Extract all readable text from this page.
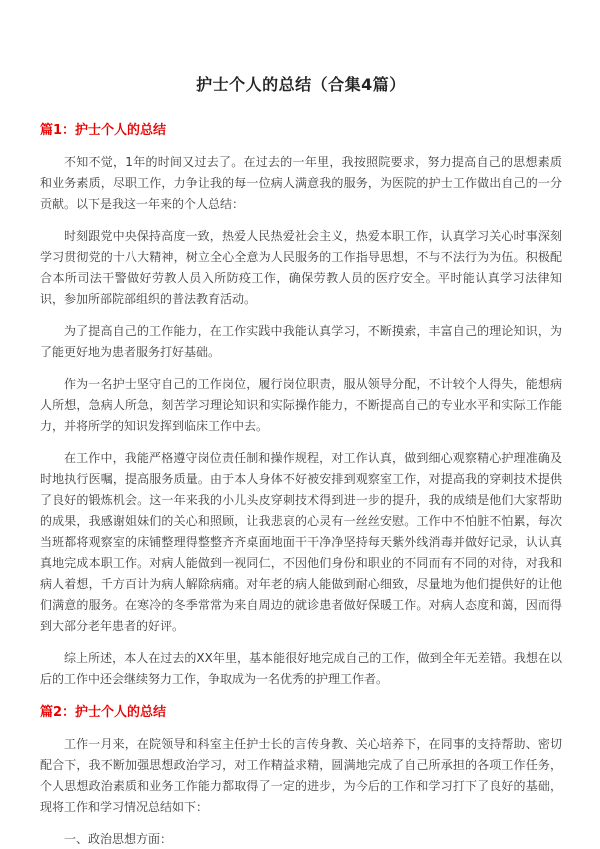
护士个人的总结（合集4篇）
篇1：护士个人的总结

不知不觉，1年的时间又过去了。在过去的一年里，我按照院要求，努力提高自己的思想素质和业务素质，尽职工作，力争让我的每一位病人满意我的服务，为医院的护士工作做出自己的一分贡献。以下是我这一年来的个人总结：

时刻跟党中央保持高度一致，热爱人民热爱社会主义，热爱本职工作，认真学习关心时事深刻学习贯彻党的十八大精神，树立全心全意为人民服务的工作指导思想，不与不法行为为伍。积极配合本所司法干警做好劳教人员入所防疫工作，确保劳教人员的医疗安全。平时能认真学习法律知识，参加所部院部组织的普法教育活动。

为了提高自己的工作能力，在工作实践中我能认真学习，不断摸索，丰富自己的理论知识，为了能更好地为患者服务打好基础。

作为一名护士坚守自己的工作岗位，履行岗位职责，服从领导分配，不计较个人得失，能想病人所想，急病人所急，刻苦学习理论知识和实际操作能力，不断提高自己的专业水平和实际工作能力，并将所学的知识发挥到临床工作中去。

在工作中，我能严格遵守岗位责任制和操作规程，对工作认真，做到细心观察精心护理准确及时地执行医嘱，提高服务质量。由于本人身体不好被安排到观察室工作，对提高我的穿刺技术提供了良好的锻炼机会。这一年来我的小儿头皮穿刺技术得到进一步的提升，我的成绩是他们大家帮助的成果，我感谢姐妹们的关心和照顾，让我悲哀的心灵有一丝丝安慰。工作中不怕脏不怕累，每次当班都将观察室的床铺整理得整整齐齐桌面地面干干净净坚持每天紫外线消毒并做好记录，认认真真地完成本职工作。对病人能做到一视同仁，不因他们身份和职业的不同而有不同的对待，对我和病人着想，千方百计为病人解除病痛。对年老的病人能做到耐心细致，尽量地为他们提供好的让他们满意的服务。在寒冷的冬季常常为来自周边的就诊患者做好保暖工作。对病人态度和蔼，因而得到大部分老年患者的好评。

综上所述，本人在过去的XX年里，基本能很好地完成自己的工作，做到全年无差错。我想在以后的工作中还会继续努力工作，争取成为一名优秀的护理工作者。

篇2：护士个人的总结

工作一月来，在院领导和科室主任护士长的言传身教、关心培养下，在同事的支持帮助、密切配合下，我不断加强思想政治学习，对工作精益求精，圆满地完成了自己所承担的各项工作任务，个人思想政治素质和业务工作能力都取得了一定的进步，为今后的工作和学习打下了良好的基础，现将工作和学习情况总结如下：

一、政治思想方面：
